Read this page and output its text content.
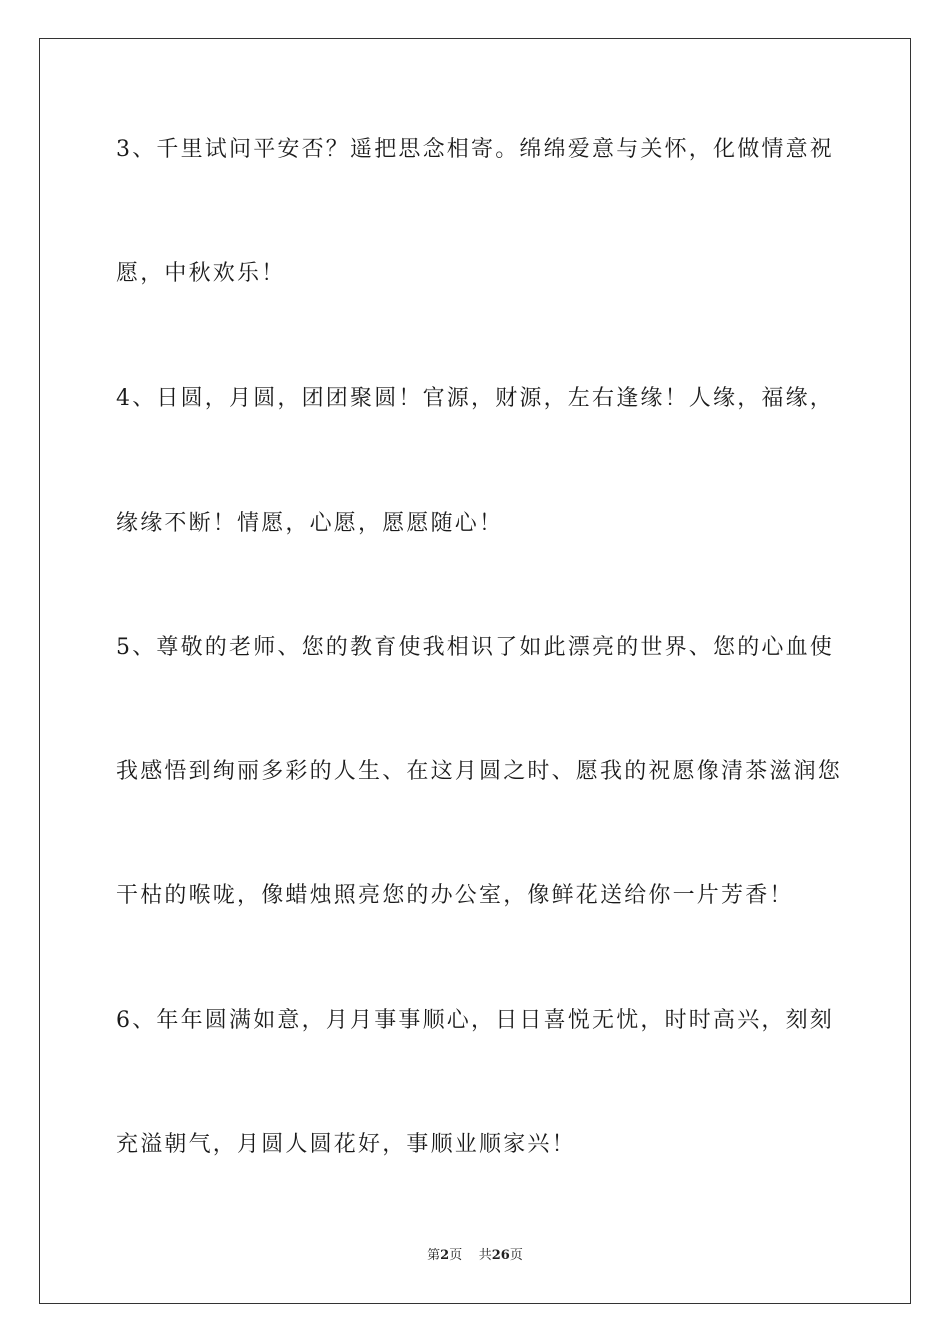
3、千里试问平安否？遥把思念相寄。绵绵爱意与关怀，化做情意祝
愿，中秋欢乐！
4、日圆，月圆，团团聚圆！官源，财源，左右逢缘！人缘，福缘，
缘缘不断！情愿，心愿，愿愿随心！
5、尊敬的老师、您的教育使我相识了如此漂亮的世界、您的心血使
我感悟到绚丽多彩的人生、在这月圆之时、愿我的祝愿像清茶滋润您
干枯的喉咙，像蜡烛照亮您的办公室，像鲜花送给你一片芳香！
6、年年圆满如意，月月事事顺心，日日喜悦无忧，时时高兴，刻刻
充溢朝气，月圆人圆花好，事顺业顺家兴！
第2页 共26页
